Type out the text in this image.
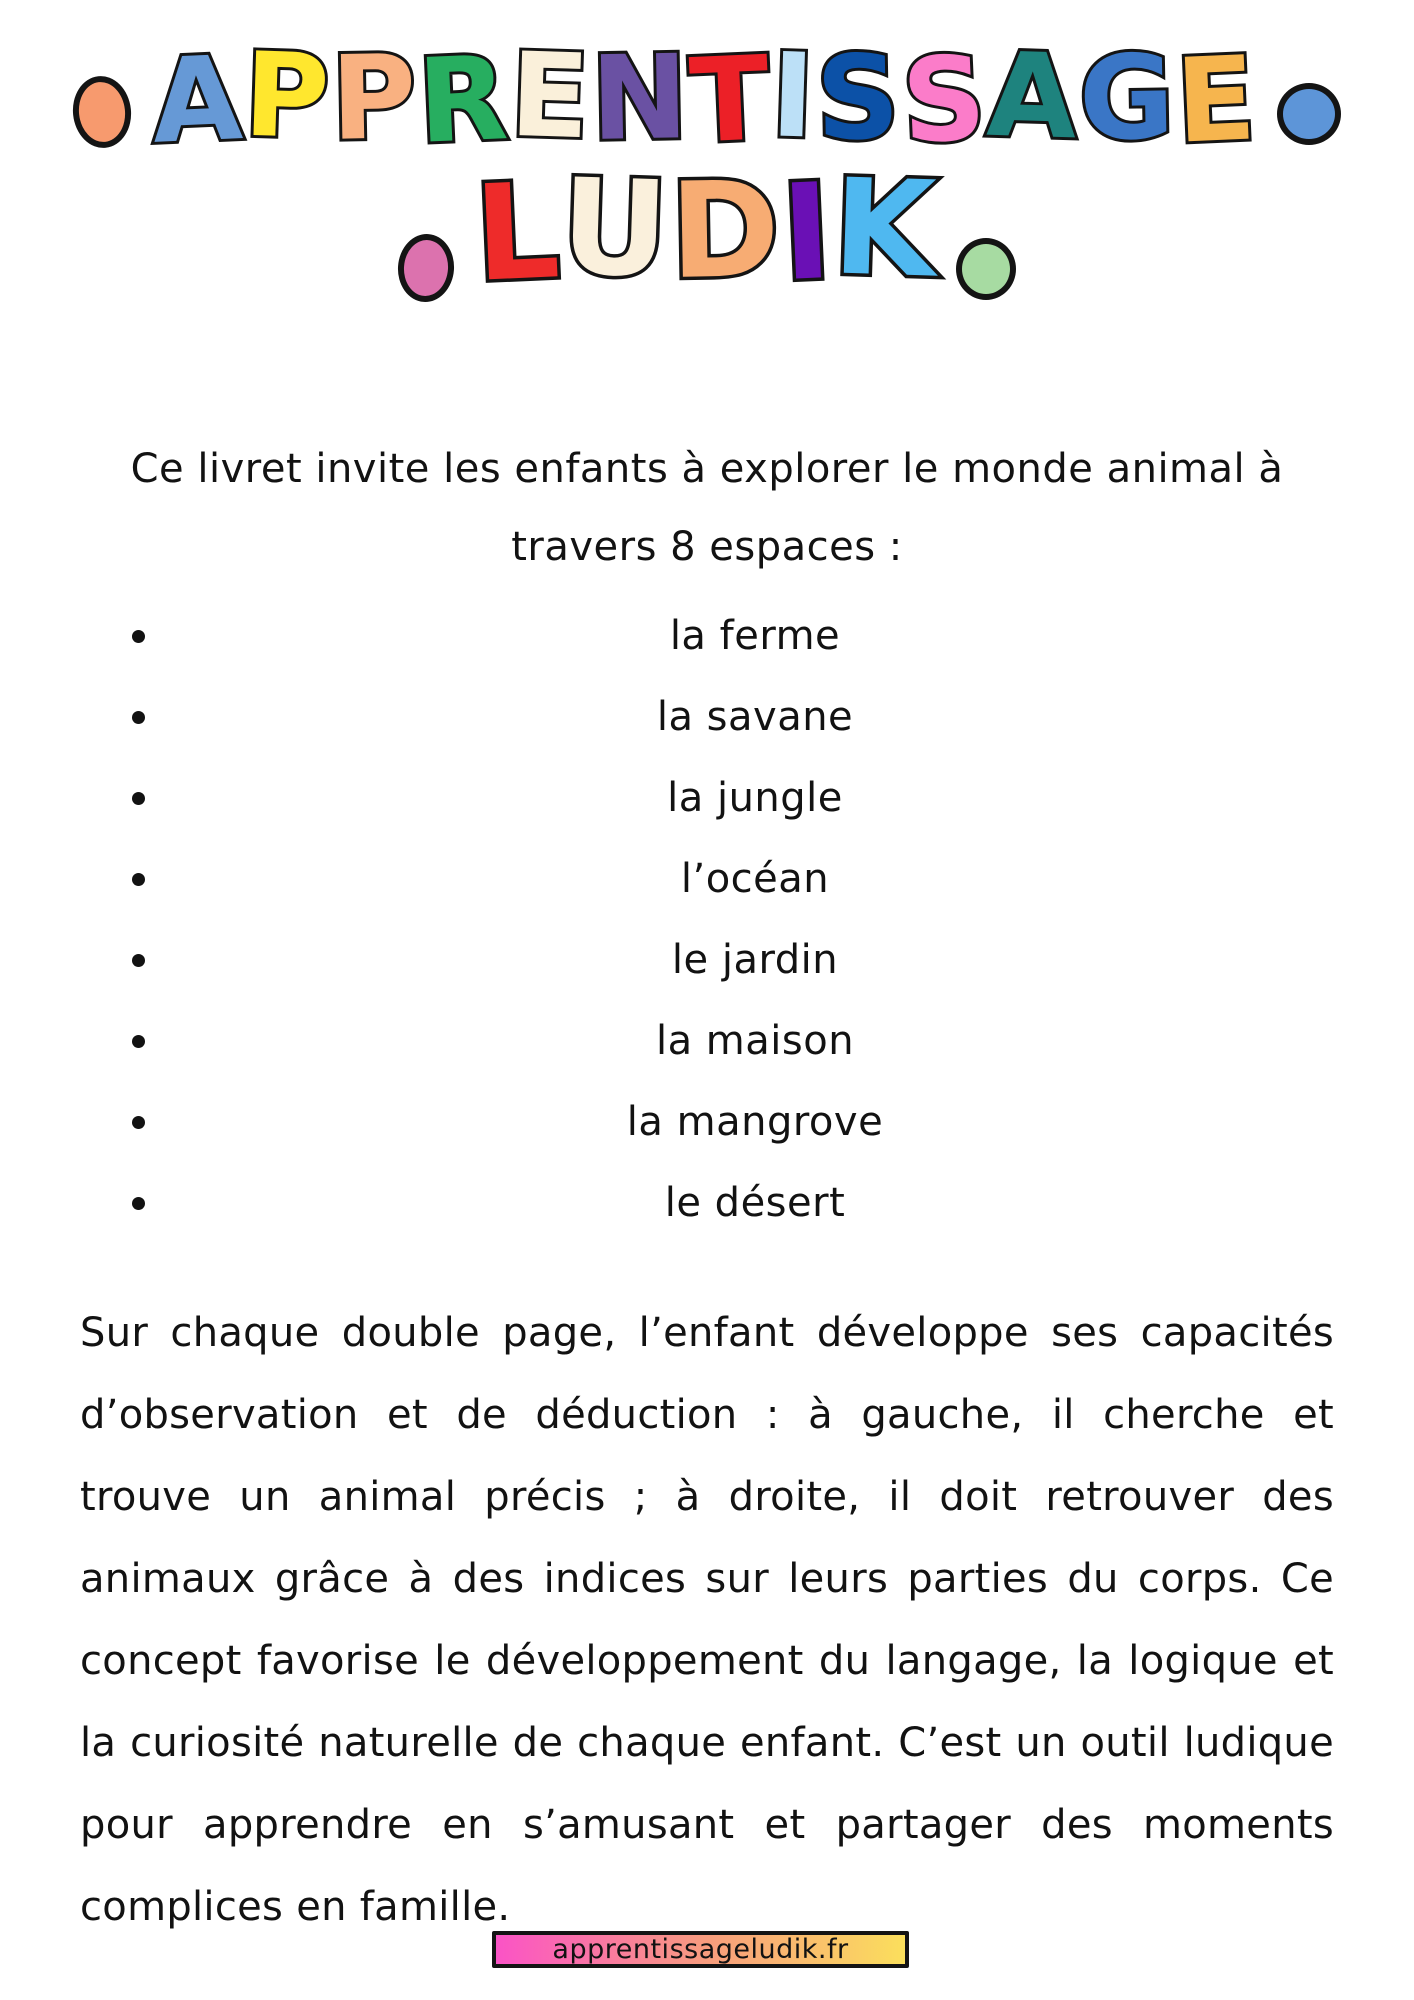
A
P
P
R
E
N
T
I
S
S
A
G
E
L
U
D
I
K
Ce livret invite les enfants à explorer le monde animal à
travers 8 espaces :
la ferme
la savane
la jungle
l’océan
le jardin
la maison
la mangrove
le désert

Sur chaque double page, l’enfant développe ses capacités d’observation et de déduction : à gauche, il cherche et trouve un animal précis ; à droite, il doit retrouver des animaux grâce à des indices sur leurs parties du corps. Ce concept favorise le développement du langage, la logique et la curiosité naturelle de chaque enfant. C’est un outil ludique pour apprendre en s’amusant et partager des moments complices en famille.

apprentissageludik.fr
